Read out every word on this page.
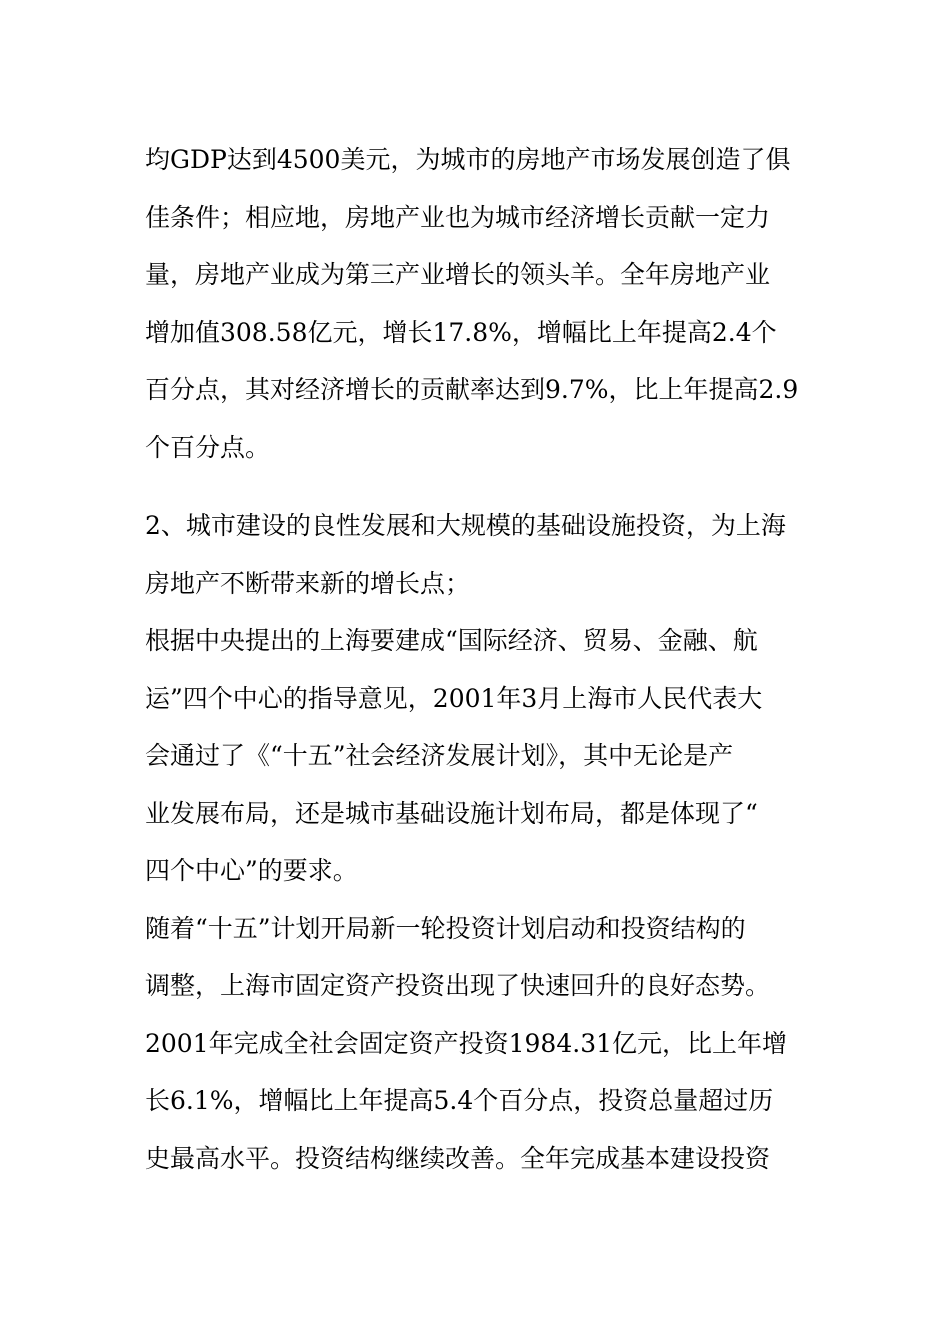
均GDP达到4500美元，为城市的房地产市场发展创造了俱
佳条件；相应地，房地产业也为城市经济增长贡献一定力
量，房地产业成为第三产业增长的领头羊。全年房地产业
增加值308.58亿元，增长17.8%，增幅比上年提高2.4个
百分点，其对经济增长的贡献率达到9.7%，比上年提高2.9
个百分点。
2、城市建设的良性发展和大规模的基础设施投资，为上海
房地产不断带来新的增长点；
根据中央提出的上海要建成“国际经济、贸易、金融、航
运”四个中心的指导意见，2001年3月上海市人民代表大
会通过了《“十五”社会经济发展计划》，其中无论是产
业发展布局，还是城市基础设施计划布局，都是体现了“
四个中心”的要求。
随着“十五”计划开局新一轮投资计划启动和投资结构的
调整，上海市固定资产投资出现了快速回升的良好态势。
2001年完成全社会固定资产投资1984.31亿元，比上年增
长6.1%，增幅比上年提高5.4个百分点，投资总量超过历
史最高水平。投资结构继续改善。全年完成基本建设投资
